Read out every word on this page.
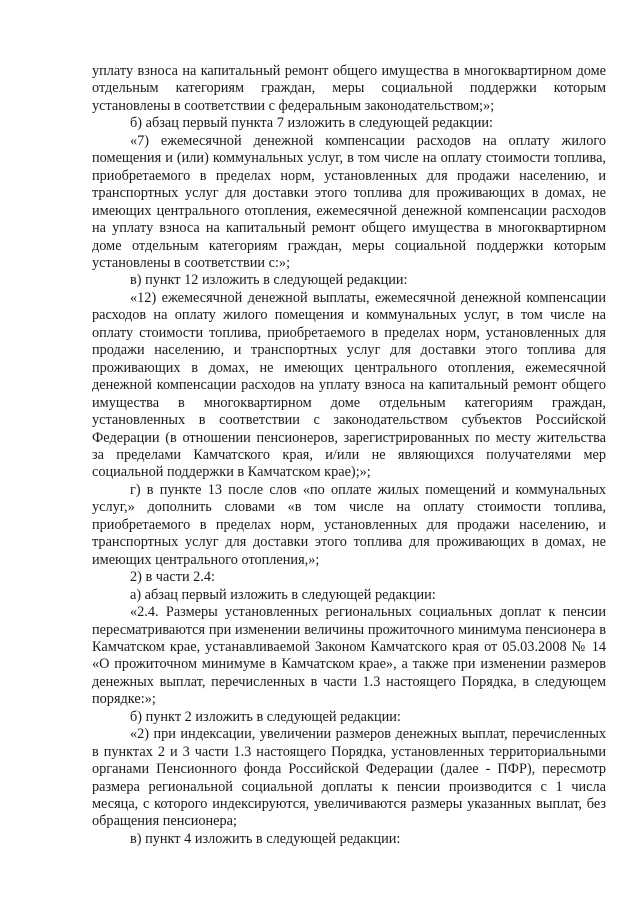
уплату взноса на капитальный ремонт общего имущества в многоквартирном доме отдельным категориям граждан, меры социальной поддержки которым установлены в соответствии с федеральным законодательством;»;

б) абзац первый пункта 7 изложить в следующей редакции:

«7) ежемесячной денежной компенсации расходов на оплату жилого помещения и (или) коммунальных услуг, в том числе на оплату стоимости топлива, приобретаемого в пределах норм, установленных для продажи населению, и транспортных услуг для доставки этого топлива для проживающих в домах, не имеющих центрального отопления, ежемесячной денежной компенсации расходов на уплату взноса на капитальный ремонт общего имущества в многоквартирном доме отдельным категориям граждан, меры социальной поддержки которым установлены в соответствии с:»;

в) пункт 12 изложить в следующей редакции:

«12) ежемесячной денежной выплаты, ежемесячной денежной компенсации расходов на оплату жилого помещения и коммунальных услуг, в том числе на оплату стоимости топлива, приобретаемого в пределах норм, установленных для продажи населению, и транспортных услуг для доставки этого топлива для проживающих в домах, не имеющих центрального отопления, ежемесячной денежной компенсации расходов на уплату взноса на капитальный ремонт общего имущества в многоквартирном доме отдельным категориям граждан, установленных в соответствии с законодательством субъектов Российской Федерации (в отношении пенсионеров, зарегистрированных по месту жительства за пределами Камчатского края, и/или не являющихся получателями мер социальной поддержки в Камчатском крае);»;

г) в пункте 13 после слов «по оплате жилых помещений и коммунальных услуг,» дополнить словами «в том числе на оплату стоимости топлива, приобретаемого в пределах норм, установленных для продажи населению, и транспортных услуг для доставки этого топлива для проживающих в домах, не имеющих центрального отопления,»;

2) в части 2.4:

а) абзац первый изложить в следующей редакции:

«2.4. Размеры установленных региональных социальных доплат к пенсии пересматриваются при изменении величины прожиточного минимума пенсионера в Камчатском крае, устанавливаемой Законом Камчатского края от 05.03.2008 № 14 «О прожиточном минимуме в Камчатском крае», а также при изменении размеров денежных выплат, перечисленных в части 1.3 настоящего Порядка, в следующем порядке:»;

б) пункт 2 изложить в следующей редакции:

«2) при индексации, увеличении размеров денежных выплат, перечисленных в пунктах 2 и 3 части 1.3 настоящего Порядка, установленных территориальными органами Пенсионного фонда Российской Федерации (далее - ПФР), пересмотр размера региональной социальной доплаты к пенсии производится с 1 числа месяца, с которого индексируются, увеличиваются размеры указанных выплат, без обращения пенсионера;

в) пункт 4 изложить в следующей редакции:
